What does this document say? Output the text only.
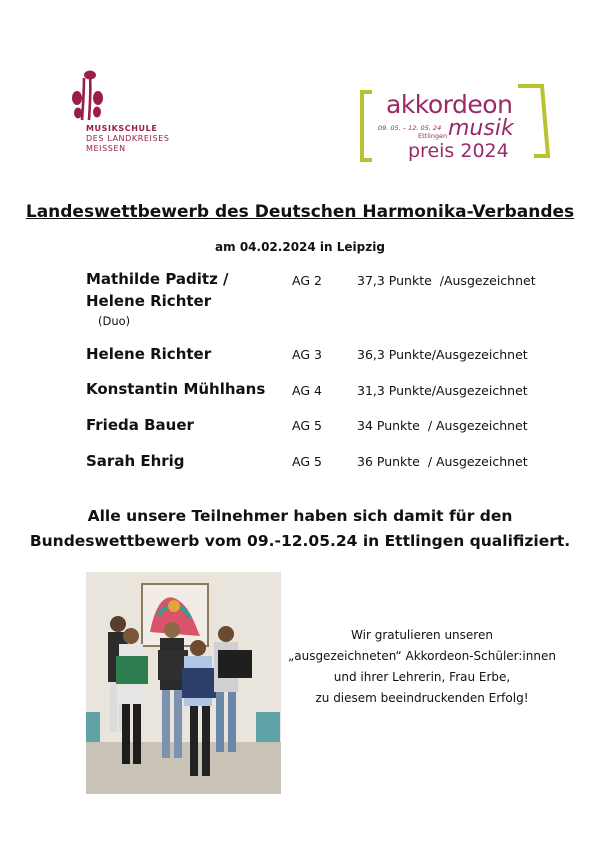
MUSIKSCHULE
DES LANDKREISES
MEISSEN
akkordeon
09. 05. – 12. 05. 24
Ettlingen musik
preis 2024
Landeswettbewerb des Deutschen Harmonika-Verbandes
am 04.02.2024 in Leipzig
Mathilde Paditz /
Helene Richter
(Duo)
AG 2	37,3 Punkte  /Ausgezeichnet
Helene Richter	AG 3	36,3 Punkte/Ausgezeichnet
Konstantin Mühlhans AG 4	31,3 Punkte/Ausgezeichnet
Frieda Bauer	AG 5	34 Punkte  / Ausgezeichnet
Sarah Ehrig	AG 5	36 Punkte  / Ausgezeichnet
Alle unsere Teilnehmer haben sich damit für den
Bundeswettbewerb vom 09.-12.05.24 in Ettlingen qualifiziert.
Wir gratulieren unseren
„ausgezeichneten“ Akkordeon-Schüler:innen
und ihrer Lehrerin, Frau Erbe,
zu diesem beeindruckenden Erfolg!
